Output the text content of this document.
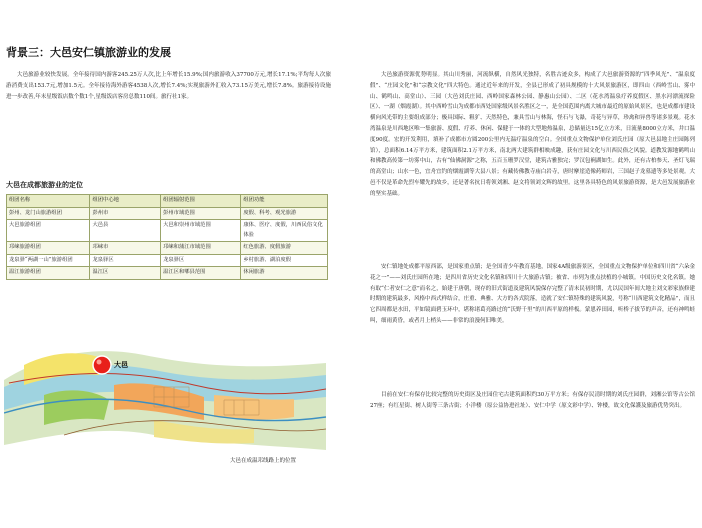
背景三：大邑安仁镇旅游业的发展

大邑旅游业较快发展。全年接待国内游客245.25万人次,比上年增长15.9%;国内旅游收入37700万元,增长17.1%;平均每人次旅游消费支出153.7元,增加1.5元。全年接待海外游客4538人次,增长7.4%;实现旅游外汇收入73.15万美元,增长7.8%。旅游接待设施进一步改善,年末星级饭店数个数1个,星级饭店客房总数110间。旅行社1家。

大邑在成都旅游业的定位
组团名称	组团中心地	组团辐射范围	组团功能
彭州、龙门山旅游组团	彭州市	彭州市域范围	度假、科考、观光旅游
大邑旅游组团	大邑县	大邑和崇州市域范围	康体、医疗、度假，川西民俗文化体验
邛崃旅游组团	邛崃市	邛崃和蒲江市域范围	红色旅游、度假旅游
龙泉驿“两湖一山”旅游组团	龙泉驿区	龙泉驿区	乡村旅游、湖泊度假
温江旅游组团	温江区	温江区和郫县范围	休闲旅游
大邑
大邑在成温邛线路上的位置

大邑旅游资源优势明显。其山川秀丽，河流纵横，自然风光独特，名胜古迹众多，构成了大邑旅游资源的“四季风光”、“温泉度假”、“庄园文化”和“宗教文化”四大特色。通过近年来的开发，全县已形成了初具规模的十大风景旅游区，即四山（西岭雪山、雾中山、鹤鸣山、高堂山）、三园（大邑刘氏庄园、西岭国家森林公园、静惠山公园）、二区（花水湾温泉疗养度假区、黑水河漂流探险区）、一湖（烟霞湖）。其中西岭雪山为成都市西处国家级风景名胜区之一，是全国范围内离大城市最近的原始风景区，也是成都市建设横向风光带的主要组成部分；极具国际、粗犷、天然特色，兼具雪山与林海，怪石与飞瀑，奇花与异草，珍禽和异兽等诸多景观。花水湾温泉是川西地区唯一集旅游、度假、疗养、休闲、保健于一体的大型地热温泉，总储量达15亿立方米，日流量8000立方米，井口温度90度。宏的开发利用，填补了成都市方圆200公里内无温疗温泉的空白。全国重点文物保护单位刘氏庄园（原大邑县地主庄园陈列馆），总面积6.14万平方米，建筑面积2.1万平方米，南北两大建筑群相映成趣，获有庄园文化与川西民俗之风貌。道教发源地鹤鸣山和佛教高传第一坊雾中山，古有“仙佛洞源”之称，五百玉珊罗汉堂，建筑古雅独完；罗汉包裥湖如生。此外，还有古柏参天、圣灯飞瑞的高堂山；山水一色，宜舟宜钓的烟霞湖等大县八景；有藏传佛教寺庙白岩寺，唐时摩崖造像药师岩，三国赵子龙墓遗等多处景观。大邑不仅是革命先烈车耀先的故乡，还是著名抗日将领刘湘、赵文将领刘文辉的故里。这里各具特色的风景旅游资源，是大邑发展旅游业的坚实基础。

安仁镇地处成都平原西部，是国家重点镇；是全国青少年教育基地，国家4A级旅游景区，全国重点文物保护单位和四川省“六朵金花之一”——刘氏庄园所在地；是四川省历史文化名镇和四川十大旅游古镇；被省、市列为重点扶植的小城镇。中国历史文化名镇。她有取“仁者安仁之意”而名之，始建于唐朝，现存的旧式街道及建筑风貌保存完整了清末民初时期，尤以民国年间大地主刘文彩家族修建时期的建筑最多，风格中西式样结合，庄重、典雅、大方的各式院落，造就了安仁镇特殊的建筑风貌，号称“川西建筑文化精品”，而且它四周都是水田，平如镜面碧玉环中，堪称诸葛亮路过的“沃野千里”的川西平原的样板。蒙恩养田园，听桥子拔节的声音，还有神鸣蛙叫，细雨黄昏，或者月上梢头——非常的浪漫何旧唯美。

目前在安仁有保存比较完整的历史街区及庄园住宅古建筑面积约30万平方米；有保存民清时期的刘氏庄园群，刘湘公馆等古公馆27座；有红星街、树人街等三条古街；小洋楼（原公益协进社址）、安仁中学（原文彩中学）、钟楼，故文化保護及旅游优势突出。
